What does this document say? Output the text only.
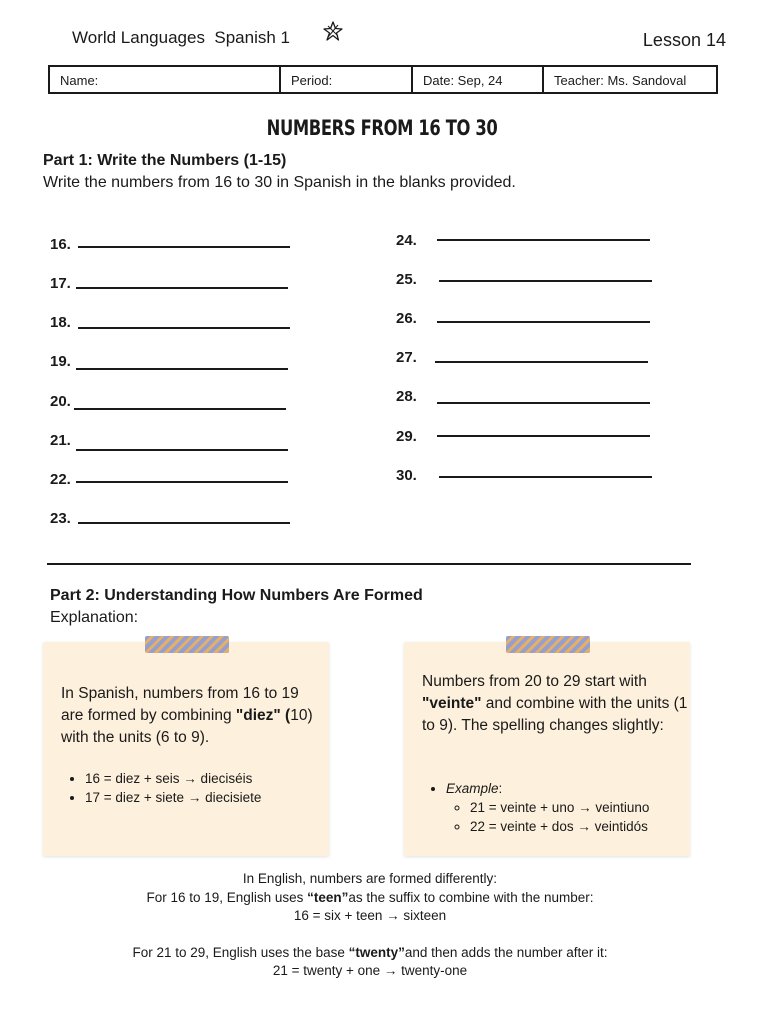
World Languages  Spanish 1	Lesson 14
Name:	Period:	Date: Sep, 24	Teacher: Ms. Sandoval
NUMBERS FROM 16 TO 30
Part 1: Write the Numbers (1-15)
Write the numbers from 16 to 30 in Spanish in the blanks provided.
16.
17.
18.
19.
20.
21.
22.
23.
24.
25.
26.
27.
28.
29.
30.
Part 2: Understanding How Numbers Are Formed
Explanation:
In Spanish, numbers from 16 to 19 are formed by combining "diez" (10) with the units (6 to 9).
• 16 = diez + seis → dieciséis
• 17 = diez + siete → diecisiete
Numbers from 20 to 29 start with "veinte" and combine with the units (1 to 9). The spelling changes slightly:
• Example:
◦ 21 = veinte + uno → veintiuno
◦ 22 = veinte + dos → veintidós
In English, numbers are formed differently:
For 16 to 19, English uses “teen”as the suffix to combine with the number:
16 = six + teen → sixteen
For 21 to 29, English uses the base “twenty”and then adds the number after it:
21 = twenty + one → twenty-one
